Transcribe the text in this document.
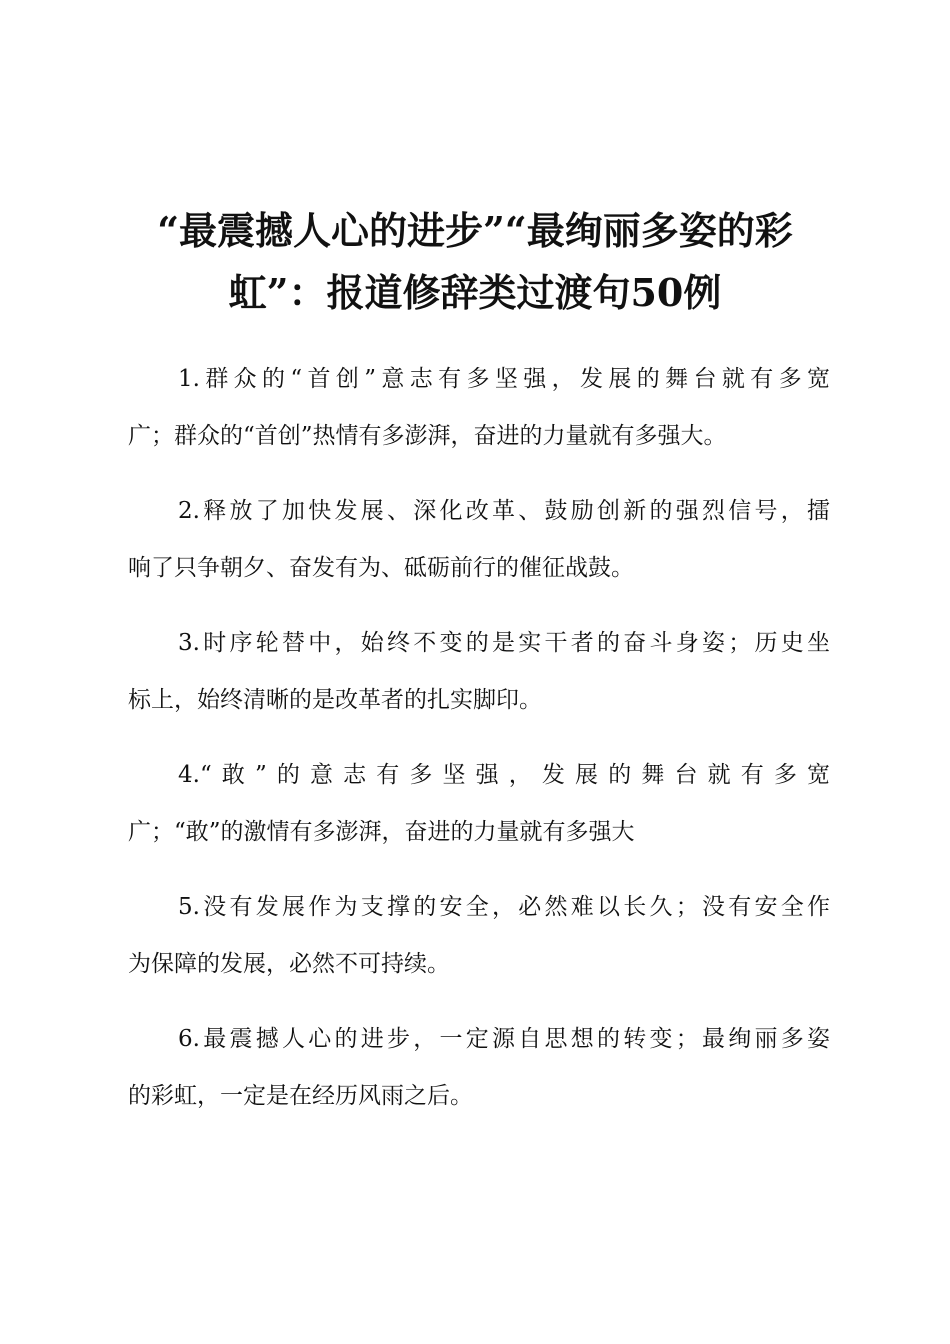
“最震撼人心的进步”“最绚丽多姿的彩
虹”：报道修辞类过渡句50例

1.群众的“首创”意志有多坚强，发展的舞台就有多宽
广；群众的“首创”热情有多澎湃，奋进的力量就有多强大。

2.释放了加快发展、深化改革、鼓励创新的强烈信号，擂
响了只争朝夕、奋发有为、砥砺前行的催征战鼓。

3.时序轮替中，始终不变的是实干者的奋斗身姿；历史坐
标上，始终清晰的是改革者的扎实脚印。

4.“敢”的意志有多坚强，发展的舞台就有多宽
广；“敢”的激情有多澎湃，奋进的力量就有多强大

5.没有发展作为支撑的安全，必然难以长久；没有安全作
为保障的发展，必然不可持续。

6.最震撼人心的进步，一定源自思想的转变；最绚丽多姿
的彩虹，一定是在经历风雨之后。
